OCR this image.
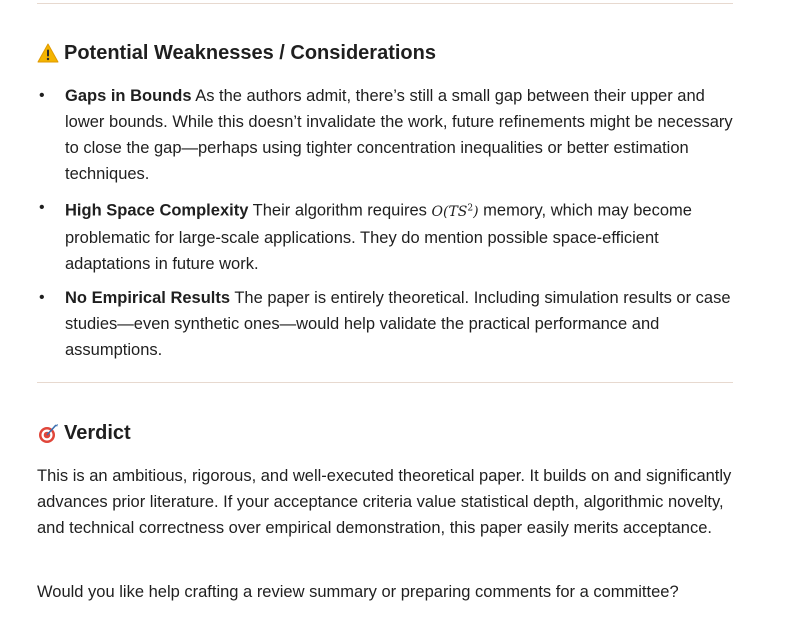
Potential Weaknesses / Considerations
• Gaps in Bounds As the authors admit, there’s still a small gap between their upper and lower bounds. While this doesn’t invalidate the work, future refinements might be necessary to close the gap—perhaps using tighter concentration inequalities or better estimation techniques.
• High Space Complexity Their algorithm requires $O(TS^2)$ memory, which may become problematic for large-scale applications. They do mention possible space-efficient adaptations in future work.
• No Empirical Results The paper is entirely theoretical. Including simulation results or case studies—even synthetic ones—would help validate the practical performance and assumptions.
Verdict

This is an ambitious, rigorous, and well-executed theoretical paper. It builds on and significantly advances prior literature. If your acceptance criteria value statistical depth, algorithmic novelty, and technical correctness over empirical demonstration, this paper easily merits acceptance.

Would you like help crafting a review summary or preparing comments for a committee?
